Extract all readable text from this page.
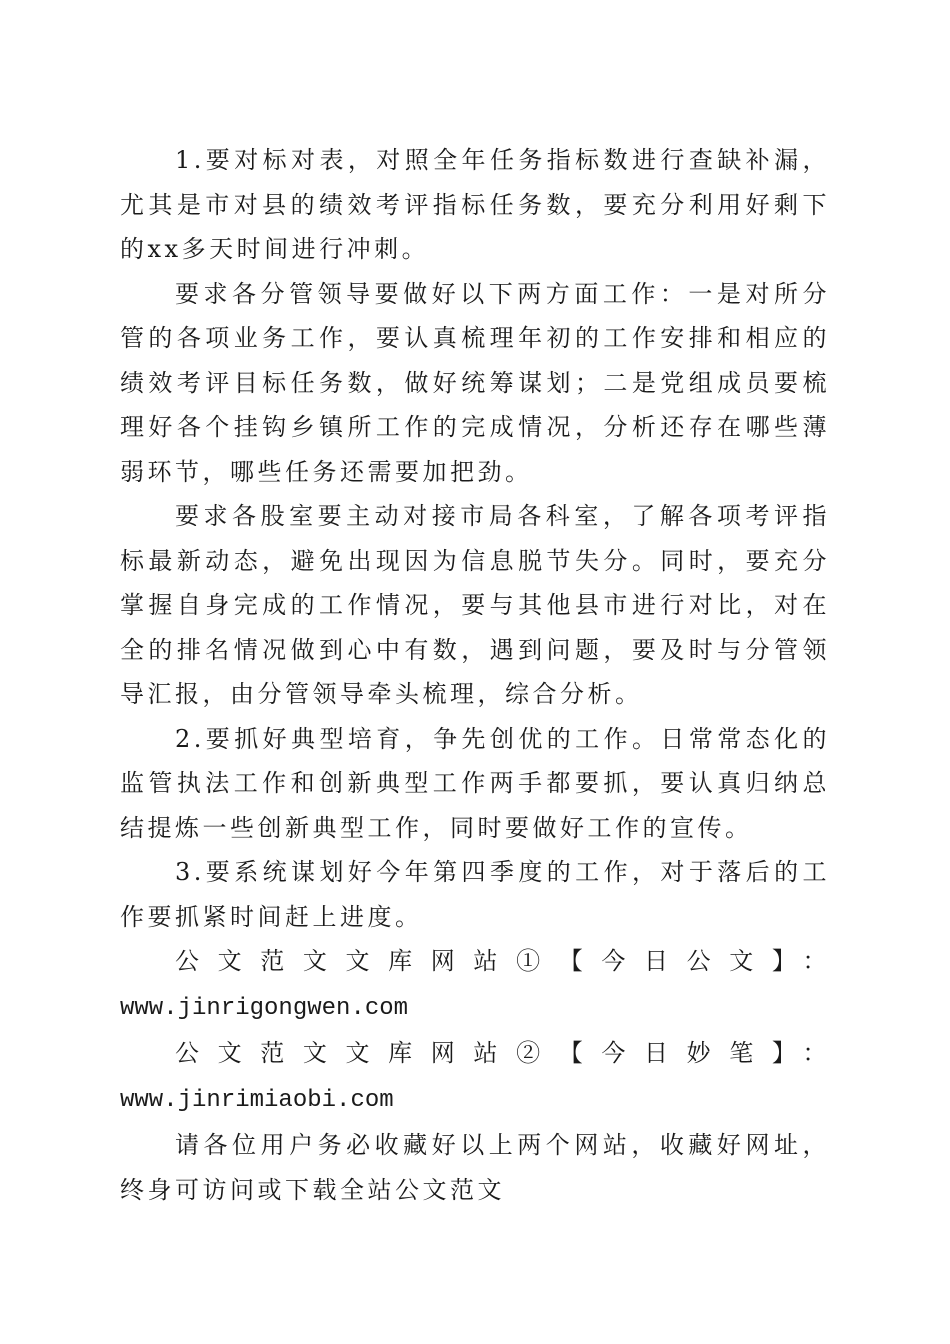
1.要对标对表，对照全年任务指标数进行查缺补漏，尤其是市对县的绩效考评指标任务数，要充分利用好剩下的xx多天时间进行冲刺。

要求各分管领导要做好以下两方面工作：一是对所分管的各项业务工作，要认真梳理年初的工作安排和相应的绩效考评目标任务数，做好统筹谋划；二是党组成员要梳理好各个挂钩乡镇所工作的完成情况，分析还存在哪些薄弱环节，哪些任务还需要加把劲。

要求各股室要主动对接市局各科室，了解各项考评指标最新动态，避免出现因为信息脱节失分。同时，要充分掌握自身完成的工作情况，要与其他县市进行对比，对在全的排名情况做到心中有数，遇到问题，要及时与分管领导汇报，由分管领导牵头梳理，综合分析。

2.要抓好典型培育，争先创优的工作。日常常态化的监管执法工作和创新典型工作两手都要抓，要认真归纳总结提炼一些创新典型工作，同时要做好工作的宣传。

3.要系统谋划好今年第四季度的工作，对于落后的工作要抓紧时间赶上进度。

公文范文文库网站①【今日公文】：

www.jinrigongwen.com

公文范文文库网站②【今日妙笔】：www.jinrimiaobi.com

请各位用户务必收藏好以上两个网站，收藏好网址，终身可访问或下载全站公文范文
